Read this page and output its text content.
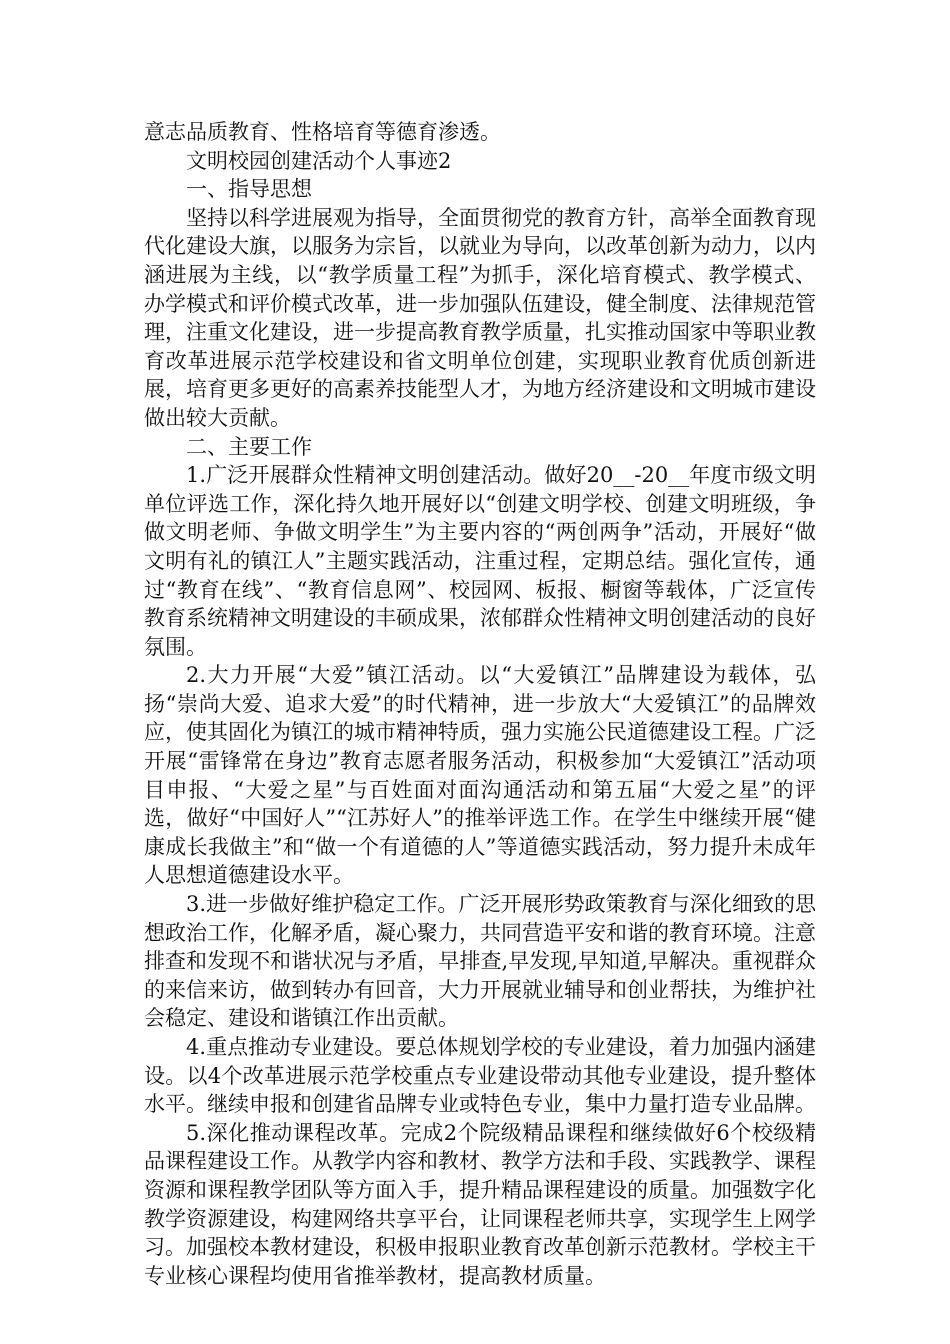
意志品质教育、性格培育等德育渗透。

文明校园创建活动个人事迹2

一、指导思想

坚持以科学进展观为指导，全面贯彻党的教育方针，高举全面教育现代化建设大旗，以服务为宗旨，以就业为导向，以改革创新为动力，以内涵进展为主线，以“教学质量工程”为抓手，深化培育模式、教学模式、办学模式和评价模式改革，进一步加强队伍建设，健全制度、法律规范管理，注重文化建设，进一步提高教育教学质量，扎实推动国家中等职业教育改革进展示范学校建设和省文明单位创建，实现职业教育优质创新进展，培育更多更好的高素养技能型人才，为地方经济建设和文明城市建设做出较大贡献。

二、主要工作

1.广泛开展群众性精神文明创建活动。做好20__-20__年度市级文明单位评选工作，深化持久地开展好以“创建文明学校、创建文明班级，争做文明老师、争做文明学生”为主要内容的“两创两争”活动，开展好“做文明有礼的镇江人”主题实践活动，注重过程，定期总结。强化宣传，通过“教育在线”、“教育信息网”、校园网、板报、橱窗等载体，广泛宣传教育系统精神文明建设的丰硕成果，浓郁群众性精神文明创建活动的良好氛围。

2.大力开展“大爱”镇江活动。以“大爱镇江”品牌建设为载体，弘扬“崇尚大爱、追求大爱”的时代精神，进一步放大“大爱镇江”的品牌效应，使其固化为镇江的城市精神特质，强力实施公民道德建设工程。广泛开展“雷锋常在身边”教育志愿者服务活动，积极参加“大爱镇江”活动项目申报、“大爱之星”与百姓面对面沟通活动和第五届“大爱之星”的评选，做好“中国好人”“江苏好人”的推举评选工作。在学生中继续开展“健康成长我做主”和“做一个有道德的人”等道德实践活动，努力提升未成年人思想道德建设水平。

3.进一步做好维护稳定工作。广泛开展形势政策教育与深化细致的思想政治工作，化解矛盾，凝心聚力，共同营造平安和谐的教育环境。注意排查和发现不和谐状况与矛盾，早排查,早发现,早知道,早解决。重视群众的来信来访，做到转办有回音，大力开展就业辅导和创业帮扶，为维护社会稳定、建设和谐镇江作出贡献。

4.重点推动专业建设。要总体规划学校的专业建设，着力加强内涵建设。以4个改革进展示范学校重点专业建设带动其他专业建设，提升整体水平。继续申报和创建省品牌专业或特色专业，集中力量打造专业品牌。

5.深化推动课程改革。完成2个院级精品课程和继续做好6个校级精品课程建设工作。从教学内容和教材、教学方法和手段、实践教学、课程资源和课程教学团队等方面入手，提升精品课程建设的质量。加强数字化教学资源建设，构建网络共享平台，让同课程老师共享，实现学生上网学习。加强校本教材建设，积极申报职业教育改革创新示范教材。学校主干专业核心课程均使用省推举教材，提高教材质量。
